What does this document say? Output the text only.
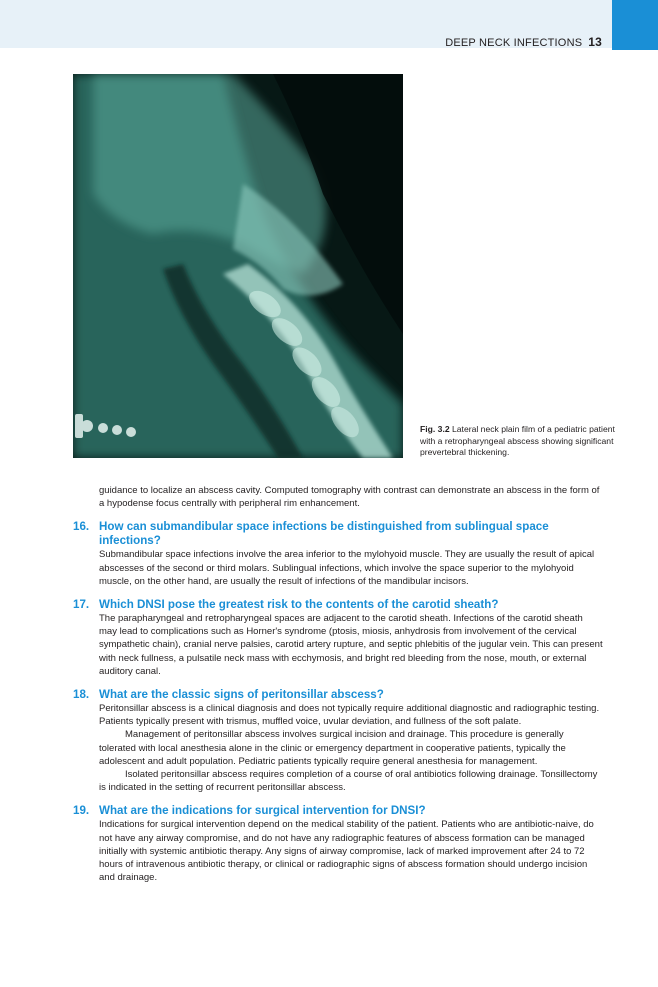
DEEP NECK INFECTIONS 13
Fig. 3.2 Lateral neck plain film of a pediatric patient with a retropharyngeal abscess showing significant prevertebral thickening.

guidance to localize an abscess cavity. Computed tomography with contrast can demonstrate an abscess in the form of a hypodense focus centrally with peripheral rim enhancement.

16. How can submandibular space infections be distinguished from sublingual space infections?

Submandibular space infections involve the area inferior to the mylohyoid muscle. They are usually the result of apical abscesses of the second or third molars. Sublingual infections, which involve the space superior to the mylohyoid muscle, on the other hand, are usually the result of infections of the mandibular incisors.

17. Which DNSI pose the greatest risk to the contents of the carotid sheath?

The parapharyngeal and retropharyngeal spaces are adjacent to the carotid sheath. Infections of the carotid sheath may lead to complications such as Horner's syndrome (ptosis, miosis, anhydrosis from involvement of the cervical sympathetic chain), cranial nerve palsies, carotid artery rupture, and septic phlebitis of the jugular vein. This can present with neck fullness, a pulsatile neck mass with ecchymosis, and bright red bleeding from the nose, mouth, or external auditory canal.

18. What are the classic signs of peritonsillar abscess?

Peritonsillar abscess is a clinical diagnosis and does not typically require additional diagnostic and radiographic testing. Patients typically present with trismus, muffled voice, uvular deviation, and fullness of the soft palate.

Management of peritonsillar abscess involves surgical incision and drainage. This procedure is generally tolerated with local anesthesia alone in the clinic or emergency department in cooperative patients, typically the adolescent and adult population. Pediatric patients typically require general anesthesia for management.

Isolated peritonsillar abscess requires completion of a course of oral antibiotics following drainage. Tonsillectomy is indicated in the setting of recurrent peritonsillar abscess.

19. What are the indications for surgical intervention for DNSI?

Indications for surgical intervention depend on the medical stability of the patient. Patients who are antibiotic-naive, do not have any airway compromise, and do not have any radiographic features of abscess formation can be managed initially with systemic antibiotic therapy. Any signs of airway compromise, lack of marked improvement after 24 to 72 hours of intravenous antibiotic therapy, or clinical or radiographic signs of abscess formation should undergo incision and drainage.
